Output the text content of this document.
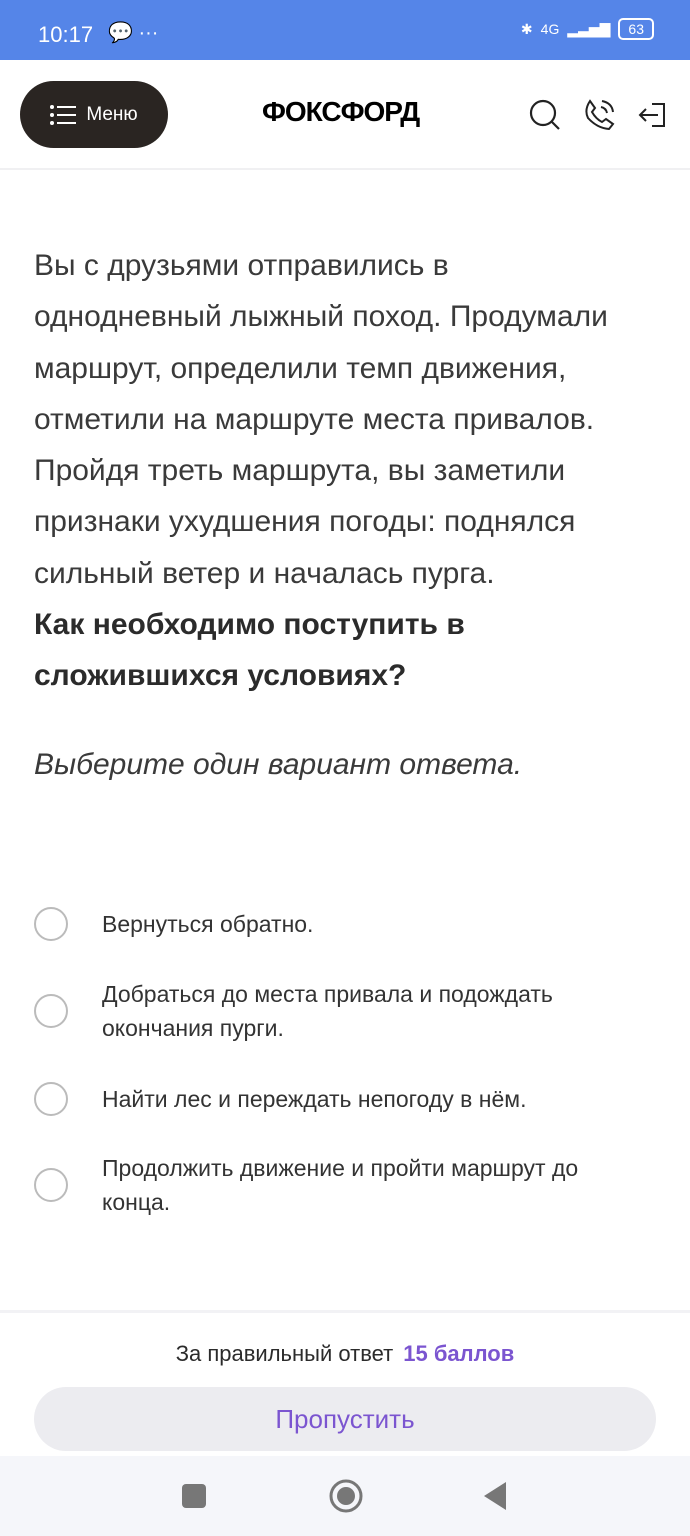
10:17 💬 ···	✱ 4G ▂▃▅▇	63
Меню	ФОКСФОРД
Вы с друзьями отправились в
однодневный лыжный поход. Продумали
маршрут, определили темп движения,
отметили на маршруте места привалов.
Пройдя треть маршрута, вы заметили
признаки ухудшения погоды: поднялся
сильный ветер и началась пурга.
Как необходимо поступить в
сложившихся условиях?
Выберите один вариант ответа.
Вернуться обратно.
Добраться до места привала и подождать
окончания пурги.
Найти лес и переждать непогоду в нём.
Продолжить движение и пройти маршрут до
конца.
За правильный ответ 15 баллов
Пропустить
